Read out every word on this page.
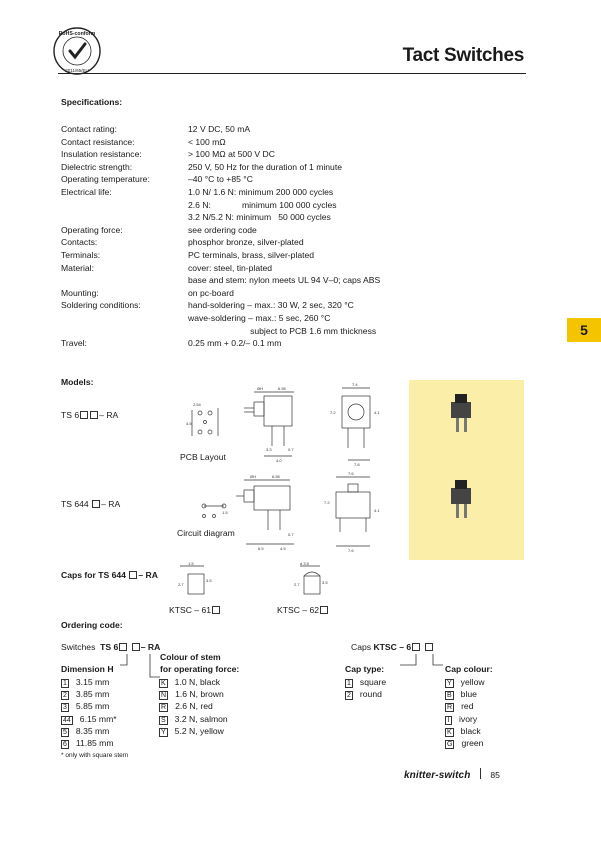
RoHS-conform
2011/65/EU
Tact Switches
5
Specifications:
Contact rating:	12 V DC, 50 mA
Contact resistance:	< 100 mΩ
Insulation resistance:	> 100 MΩ at 500 V DC
Dielectric strength:	250 V, 50 Hz for the duration of 1 minute
Operating temperature:	–40 °C to +85 °C
Electrical life:	1.0 N/ 1.6 N: minimum 200 000 cycles
2.6 N:             minimum 100 000 cycles
3.2 N/5.2 N: minimum   50 000 cycles
Operating force:	see ordering code
Contacts:	phosphor bronze, silver-plated
Terminals:	PC terminals, brass, silver-plated
Material:	cover: steel, tin-plated
base and stem: nylon meets UL 94 V–0; caps ABS
Mounting:	on pc-board
Soldering conditions:	hand-soldering – max.: 30 W, 2 sec, 320 °C
wave-soldering – max.: 5 sec, 260 °C
subject to PCB 1.6 mm thickness
Travel:	0.25 mm + 0.2/– 0.1 mm
Models:
TS 6 – RA
2.54
4.5
ØH	6.55
4.0
0.7
3.3
7.4
7.8
7.2	4.1
PCB Layout
TS 644 – RA
1.5
ØH	6.55
6.5	4.5
0.7
7.6
7.6
7.2
4.1
Circuit diagram
Caps for TS 644 – RA
1.5
2.7
3.5
d 3.5
2.7	3.5
KTSC – 61	KTSC – 62
Ordering code:
Switches TS 6	– RA	Caps KTSC – 6
Colour of stem
Dimension H	for operating force:	Cap type:	Cap colour:
1 3.15 mm
2 3.85 mm
3 5.85 mm
44 6.15 mm*
5 8.35 mm
6 11.85 mm
K 1.0 N, black
N 1.6 N, brown
R 2.6 N, red
S 3.2 N, salmon
Y 5.2 N, yellow
1 square
2 round
Y yellow
B blue
R red
I ivory
K black
G green
* only with square stem
knitter-switch 85
